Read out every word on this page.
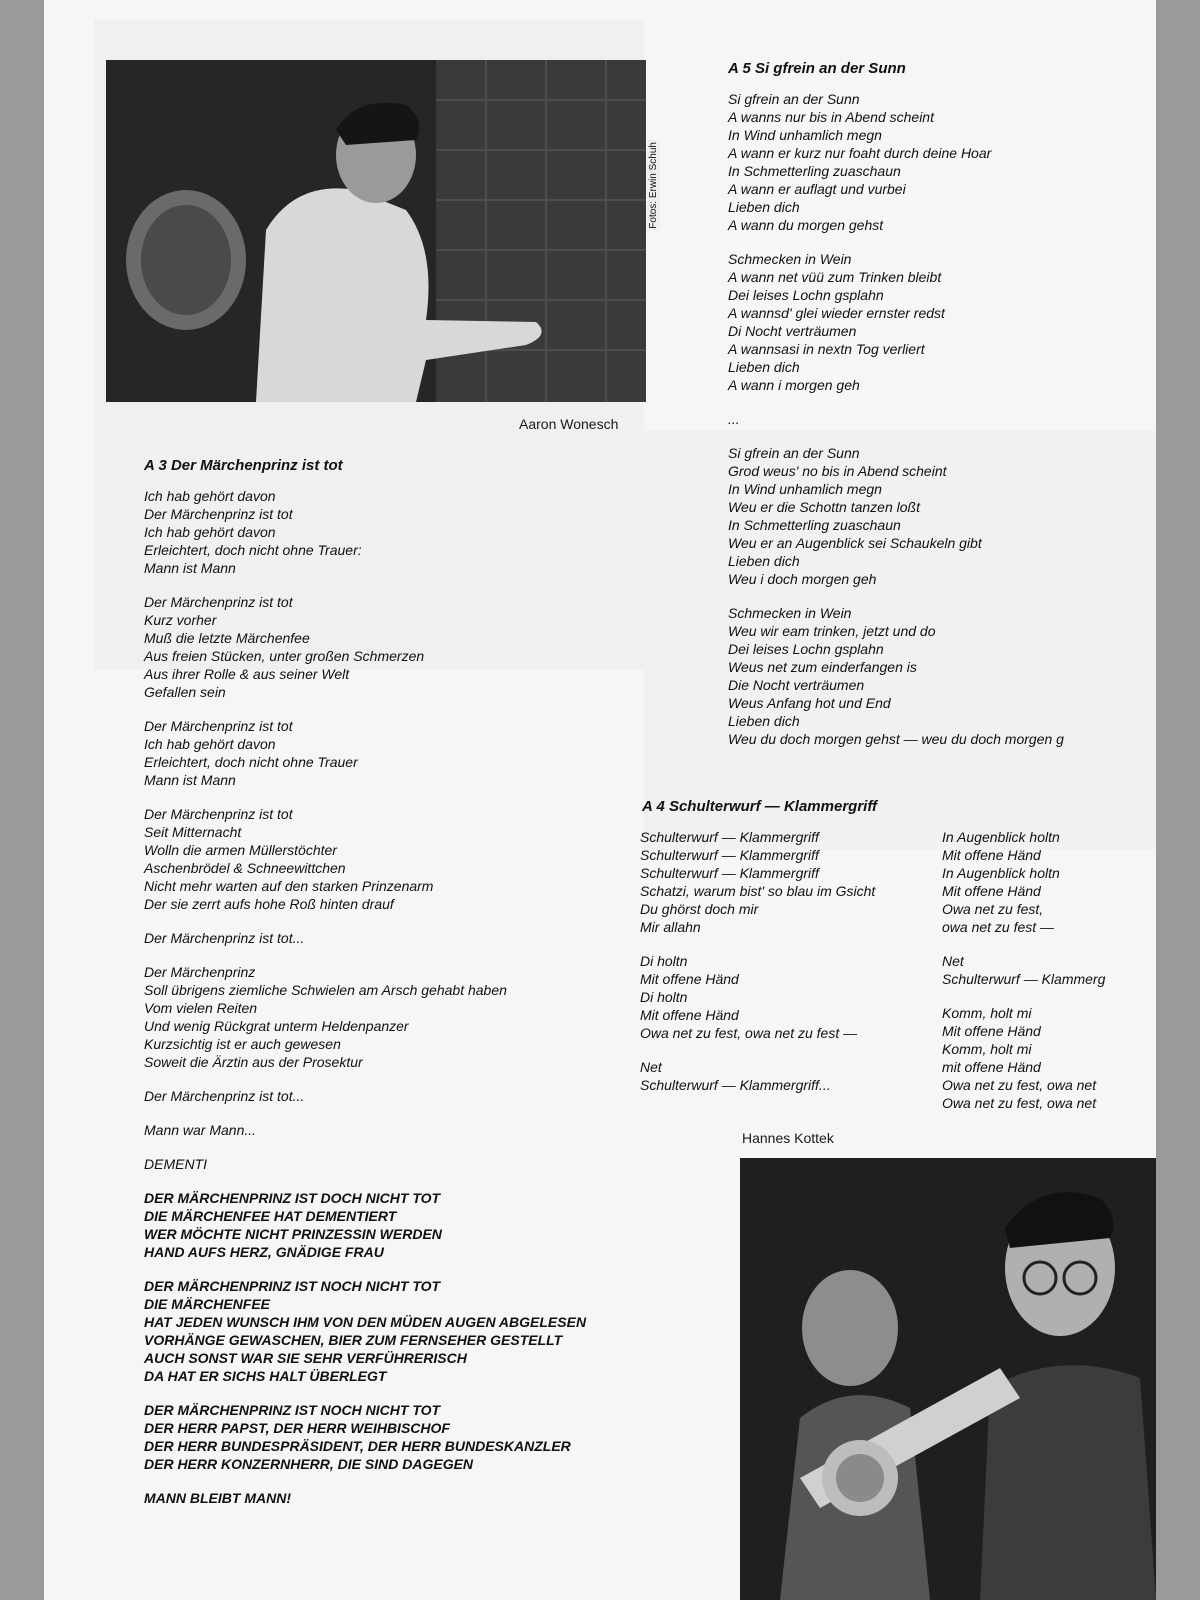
Fotos: Erwin Schuh
Aaron Wonesch
A 3 Der Märchenprinz ist tot
Ich hab gehört davon
Der Märchenprinz ist tot
Ich hab gehört davon
Erleichtert, doch nicht ohne Trauer:
Mann ist Mann
Der Märchenprinz ist tot
Kurz vorher
Muß die letzte Märchenfee
Aus freien Stücken, unter großen Schmerzen
Aus ihrer Rolle & aus seiner Welt
Gefallen sein
Der Märchenprinz ist tot
Ich hab gehört davon
Erleichtert, doch nicht ohne Trauer
Mann ist Mann
Der Märchenprinz ist tot
Seit Mitternacht
Wolln die armen Müllerstöchter
Aschenbrödel & Schneewittchen
Nicht mehr warten auf den starken Prinzenarm
Der sie zerrt aufs hohe Roß hinten drauf
Der Märchenprinz ist tot...
Der Märchenprinz
Soll übrigens ziemliche Schwielen am Arsch gehabt haben
Vom vielen Reiten
Und wenig Rückgrat unterm Heldenpanzer
Kurzsichtig ist er auch gewesen
Soweit die Ärztin aus der Prosektur
Der Märchenprinz ist tot...
Mann war Mann...
DEMENTI
DER MÄRCHENPRINZ IST DOCH NICHT TOT
DIE MÄRCHENFEE HAT DEMENTIERT
WER MÖCHTE NICHT PRINZESSIN WERDEN
HAND AUFS HERZ, GNÄDIGE FRAU
DER MÄRCHENPRINZ IST NOCH NICHT TOT
DIE MÄRCHENFEE
HAT JEDEN WUNSCH IHM VON DEN MÜDEN AUGEN ABGELESEN
VORHÄNGE GEWASCHEN, BIER ZUM FERNSEHER GESTELLT
AUCH SONST WAR SIE SEHR VERFÜHRERISCH
DA HAT ER SICHS HALT ÜBERLEGT
DER MÄRCHENPRINZ IST NOCH NICHT TOT
DER HERR PAPST, DER HERR WEIHBISCHOF
DER HERR BUNDESPRÄSIDENT, DER HERR BUNDESKANZLER
DER HERR KONZERNHERR, DIE SIND DAGEGEN
MANN BLEIBT MANN!
A 5 Si gfrein an der Sunn
Si gfrein an der Sunn
A wanns nur bis in Abend scheint
In Wind unhamlich megn
A wann er kurz nur foaht durch deine Hoar
In Schmetterling zuaschaun
A wann er auflagt und vurbei
Lieben dich
A wann du morgen gehst
Schmecken in Wein
A wann net vüü zum Trinken bleibt
Dei leises Lochn gsplahn
A wannsd' glei wieder ernster redst
Di Nocht verträumen
A wannsasi in nextn Tog verliert
Lieben dich
A wann i morgen geh
...
Si gfrein an der Sunn
Grod weus' no bis in Abend scheint
In Wind unhamlich megn
Weu er die Schottn tanzen loßt
In Schmetterling zuaschaun
Weu er an Augenblick sei Schaukeln gibt
Lieben dich
Weu i doch morgen geh
Schmecken in Wein
Weu wir eam trinken, jetzt und do
Dei leises Lochn gsplahn
Weus net zum einderfangen is
Die Nocht verträumen
Weus Anfang hot und End
Lieben dich
Weu du doch morgen gehst — weu du doch morgen g
A 4 Schulterwurf — Klammergriff
Schulterwurf — Klammergriff
Schulterwurf — Klammergriff
Schulterwurf — Klammergriff
Schatzi, warum bist' so blau im Gsicht
Du ghörst doch mir
Mir allahn
Di holtn
Mit offene Händ
Di holtn
Mit offene Händ
Owa net zu fest, owa net zu fest —
Net
Schulterwurf — Klammergriff...
In Augenblick holtn
Mit offene Händ
In Augenblick holtn
Mit offene Händ
Owa net zu fest,
owa net zu fest —
Net
Schulterwurf — Klammerg
Komm, holt mi
Mit offene Händ
Komm, holt mi
mit offene Händ
Owa net zu fest, owa net
Owa net zu fest, owa net
Hannes Kottek
